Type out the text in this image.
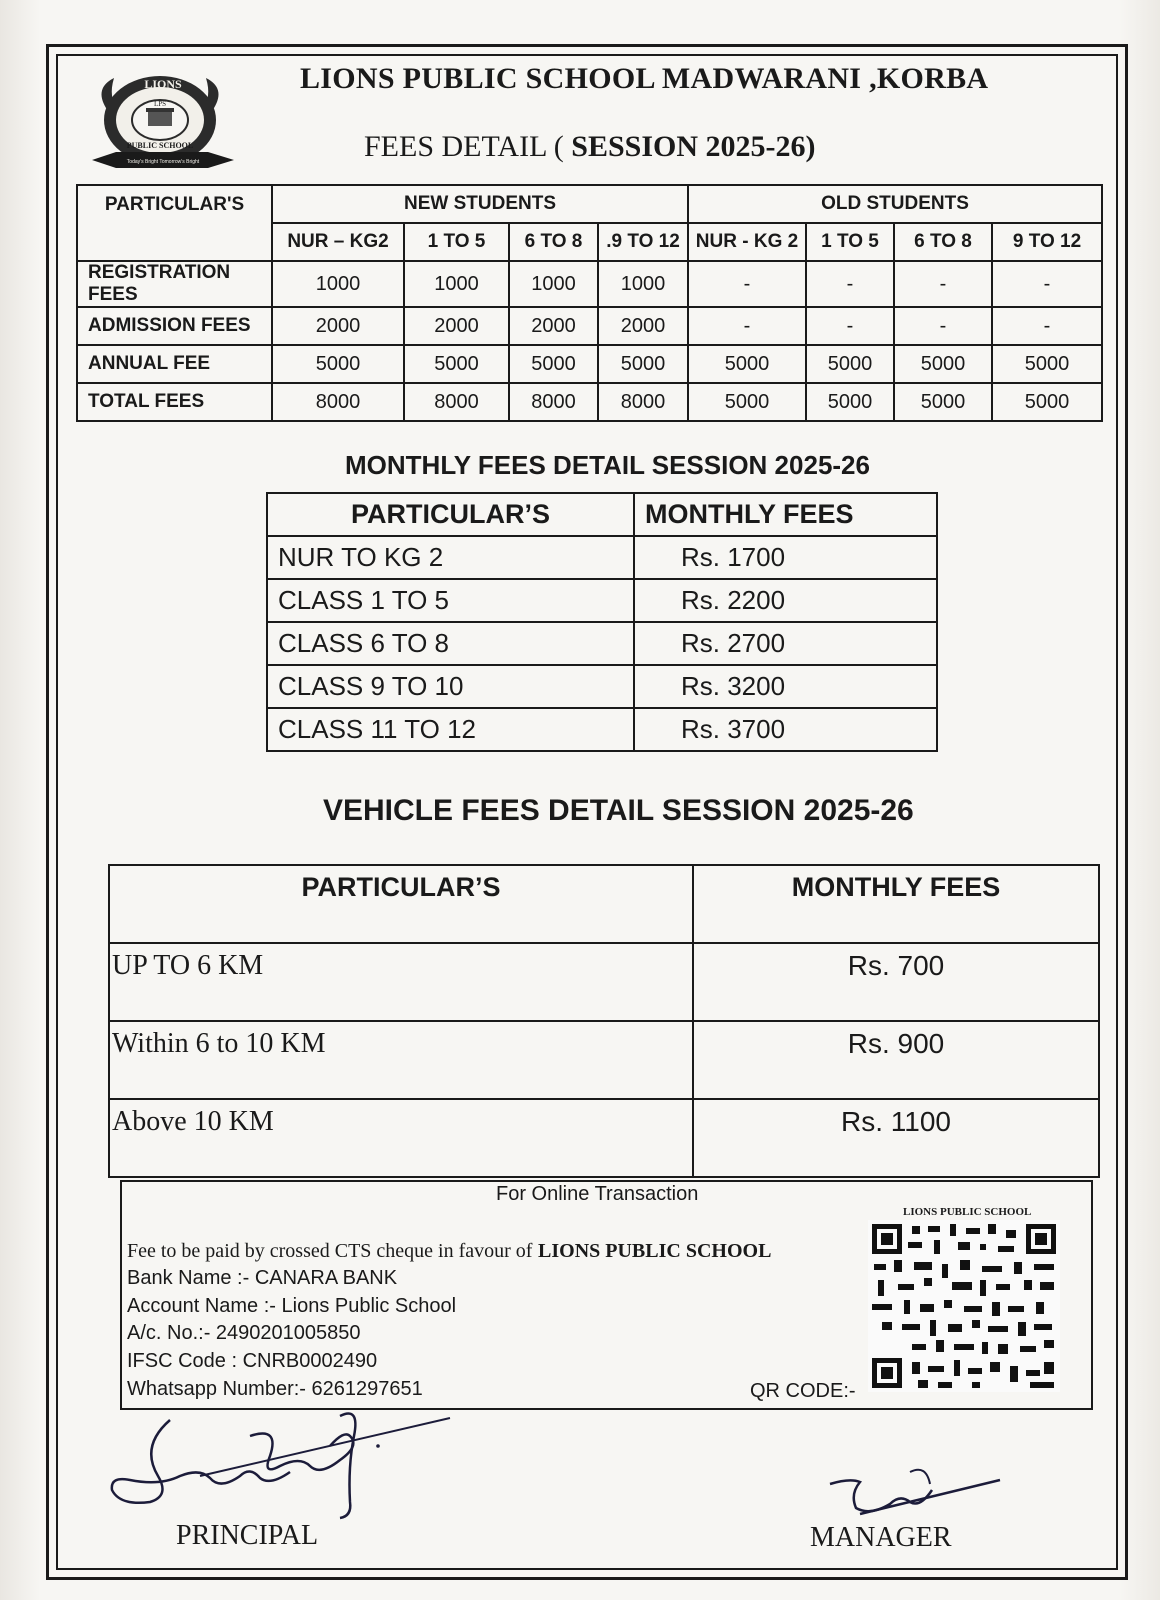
LIONS
LPS
PUBLIC SCHOOL
Today's Bright Tomorrow's Bright
LIONS PUBLIC SCHOOL MADWARANI ,KORBA
FEES DETAIL ( SESSION 2025-26)
PARTICULAR'S	NEW STUDENTS				OLD STUDENTS			
	NUR – KG2	1 TO 5	6 TO 8	.9 TO 12	NUR - KG 2	1 TO 5	6 TO 8	9 TO 12
REGISTRATION FEES	1000	1000	1000	1000	-	-	-	-
ADMISSION FEES	2000	2000	2000	2000	-	-	-	-
ANNUAL FEE	5000	5000	5000	5000	5000	5000	5000	5000
TOTAL FEES	8000	8000	8000	8000	5000	5000	5000	5000
MONTHLY FEES DETAIL SESSION 2025-26
PARTICULAR’S	MONTHLY FEES
NUR TO KG 2	Rs. 1700
CLASS 1 TO 5	Rs. 2200
CLASS 6 TO 8	Rs. 2700
CLASS 9 TO 10	Rs. 3200
CLASS 11 TO 12	Rs. 3700
VEHICLE FEES DETAIL SESSION 2025-26
PARTICULAR’S	MONTHLY FEES
UP TO 6 KM	Rs. 700
Within 6 to 10 KM	Rs. 900
Above 10 KM	Rs. 1100
For Online Transaction
Fee to be paid by crossed CTS cheque in favour of LIONS PUBLIC SCHOOL
Bank Name :- CANARA BANK
Account Name :- Lions Public School
A/c. No.:- 2490201005850
IFSC Code : CNRB0002490
Whatsapp Number:- 6261297651	QR CODE:-
LIONS PUBLIC SCHOOL
PRINCIPAL	MANAGER
